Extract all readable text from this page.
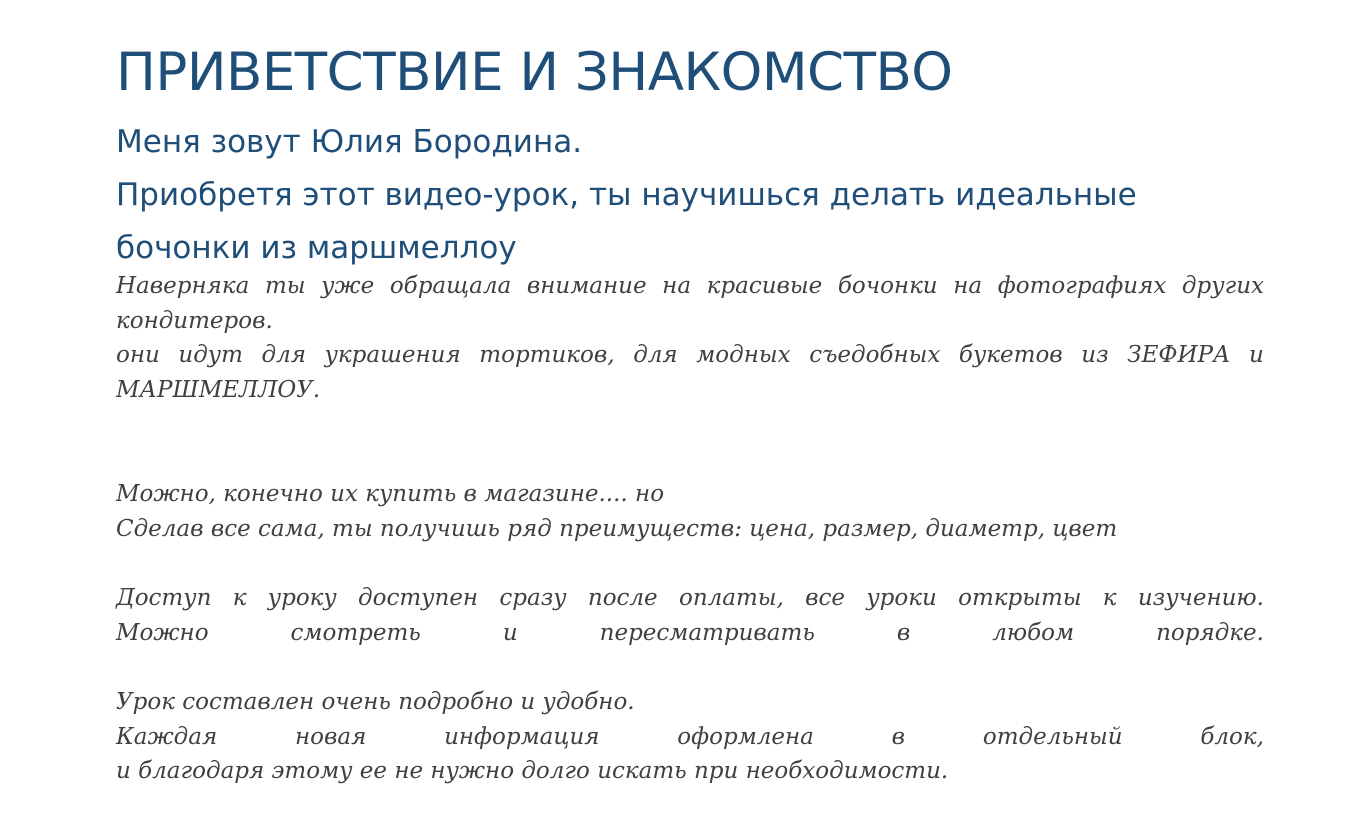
ПРИВЕТСТВИЕ И ЗНАКОМСТВО
Меня зовут Юлия Бородина.
Приобретя этот видео-урок, ты научишься делать идеальные бочонки из маршмеллоу
Наверняка ты уже обращала внимание на красивые бочонки на фотографиях других
кондитеров.
они идут для украшения тортиков, для модных съедобных букетов из ЗЕФИРА и
МАРШМЕЛЛОУ.
Можно, конечно их купить в магазине.... но
Сделав все сама, ты получишь ряд преимуществ: цена, размер, диаметр, цвет
Доступ к уроку доступен сразу после оплаты, все уроки открыты к изучению.
Можно	смотреть	и	пересматривать	в	любом	порядке.
Урок составлен очень подробно и удобно.
Каждая	новая	информация	оформлена	в	отдельный	блок,
и благодаря этому ее не нужно долго искать при необходимости.
